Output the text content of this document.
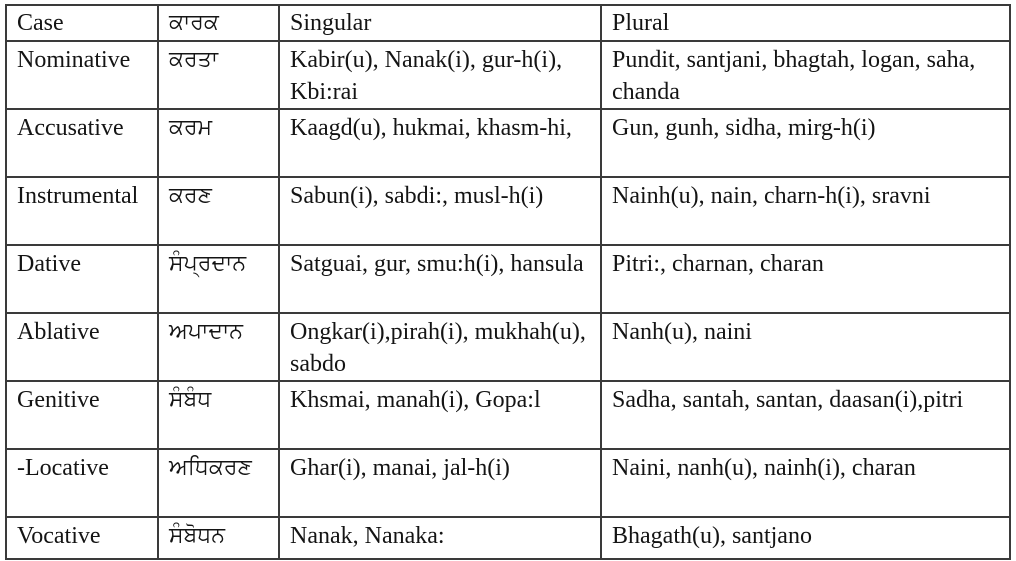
Case	ਕਾਰਕ	Singular	Plural
Nominative	ਕਰਤਾ	Kabir(u), Nanak(i), gur-h(i), Kbi:rai	Pundit, santjani, bhagtah, logan, saha, chanda
Accusative	ਕਰਮ	Kaagd(u), hukmai, khasm-hi,	Gun, gunh, sidha, mirg-h(i)
Instrumental	ਕਰਣ	Sabun(i), sabdi:, musl-h(i)	Nainh(u), nain, charn-h(i), sravni
Dative	ਸੰਪ੍ਰਦਾਨ	Satguai, gur, smu:h(i), hansula	Pitri:, charnan, charan
Ablative	ਅਪਾਦਾਨ	Ongkar(i),pirah(i), mukhah(u), sabdo	Nanh(u), naini
Genitive	ਸੰਬੰਧ	Khsmai, manah(i), Gopa:l	Sadha, santah, santan, daasan(i),pitri
-Locative	ਅਧਿਕਰਣ	Ghar(i), manai, jal-h(i)	Naini, nanh(u), nainh(i), charan
Vocative	ਸੰਬੋਧਨ	Nanak, Nanaka:	Bhagath(u), santjano
